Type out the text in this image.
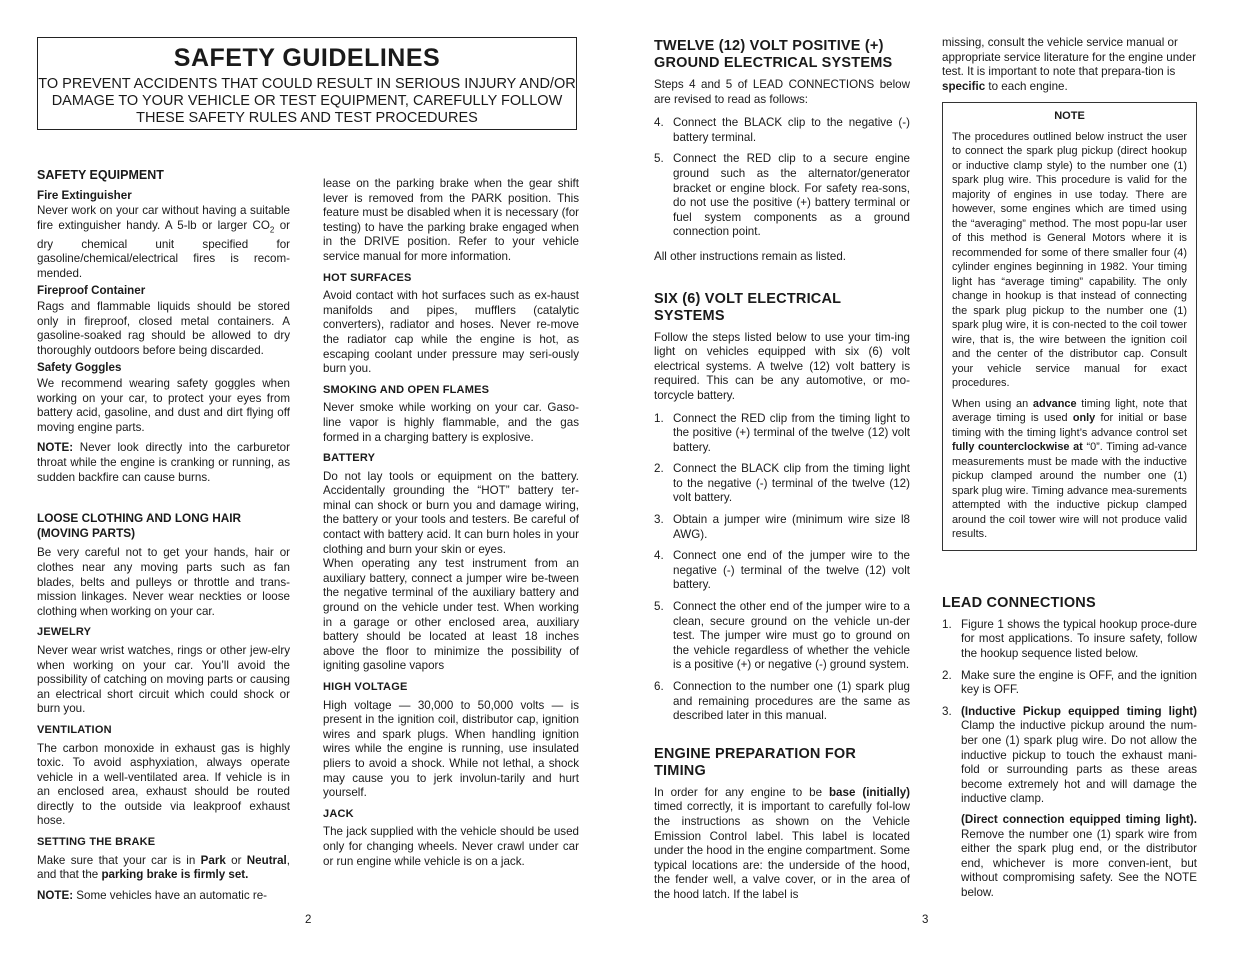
SAFETY GUIDELINES
TO PREVENT ACCIDENTS THAT COULD RESULT IN SERIOUS INJURY AND/OR DAMAGE TO YOUR VEHICLE OR TEST EQUIPMENT, CAREFULLY FOLLOW THESE SAFETY RULES AND TEST PROCEDURES
SAFETY EQUIPMENT
Fire Extinguisher

Never work on your car without having a suitable fire extinguisher handy. A 5-lb or larger $CO_2$ or dry chemical unit specified for gasoline/chemical/electrical fires is recom-mended.

Fireproof Container

Rags and flammable liquids should be stored only in fireproof, closed metal containers. A gasoline-soaked rag should be allowed to dry thoroughly outdoors before being discarded.

Safety Goggles

We recommend wearing safety goggles when working on your car, to protect your eyes from battery acid, gasoline, and dust and dirt flying off moving engine parts.

NOTE: Never look directly into the carburetor throat while the engine is cranking or running, as sudden backfire can cause burns.

LOOSE CLOTHING AND LONG HAIR (MOVING PARTS)

Be very careful not to get your hands, hair or clothes near any moving parts such as fan blades, belts and pulleys or throttle and trans-mission linkages. Never wear neckties or loose clothing when working on your car.

JEWELRY

Never wear wrist watches, rings or other jew-elry when working on your car. You’ll avoid the possibility of catching on moving parts or causing an electrical short circuit which could shock or burn you.

VENTILATION

The carbon monoxide in exhaust gas is highly toxic. To avoid asphyxiation, always operate vehicle in a well-ventilated area. If vehicle is in an enclosed area, exhaust should be routed directly to the outside via leakproof exhaust hose.

SETTING THE BRAKE

Make sure that your car is in Park or Neutral, and that the parking brake is firmly set.

NOTE: Some vehicles have an automatic re-

lease on the parking brake when the gear shift lever is removed from the PARK position. This feature must be disabled when it is necessary (for testing) to have the parking brake engaged when in the DRIVE position. Refer to your vehicle service manual for more information.

HOT SURFACES

Avoid contact with hot surfaces such as ex-haust manifolds and pipes, mufflers (catalytic converters), radiator and hoses. Never re-move the radiator cap while the engine is hot, as escaping coolant under pressure may seri-ously burn you.

SMOKING AND OPEN FLAMES

Never smoke while working on your car. Gaso-line vapor is highly flammable, and the gas formed in a charging battery is explosive.

BATTERY

Do not lay tools or equipment on the battery. Accidentally grounding the “HOT” battery ter-minal can shock or burn you and damage wiring, the battery or your tools and testers. Be careful of contact with battery acid. It can burn holes in your clothing and burn your skin or eyes.

When operating any test instrument from an auxiliary battery, connect a jumper wire be-tween the negative terminal of the auxiliary battery and ground on the vehicle under test. When working in a garage or other enclosed area, auxiliary battery should be located at least 18 inches above the floor to minimize the possibility of igniting gasoline vapors

HIGH VOLTAGE

High voltage — 30,000 to 50,000 volts — is present in the ignition coil, distributor cap, ignition wires and spark plugs. When handling ignition wires while the engine is running, use insulated pliers to avoid a shock. While not lethal, a shock may cause you to jerk involun-tarily and hurt yourself.

JACK

The jack supplied with the vehicle should be used only for changing wheels. Never crawl under car or run engine while vehicle is on a jack.

2
TWELVE (12) VOLT POSITIVE (+) GROUND ELECTRICAL SYSTEMS

Steps 4 and 5 of LEAD CONNECTIONS below are revised to read as follows:

4. Connect the BLACK clip to the negative (-) battery terminal.
5. Connect the RED clip to a secure engine ground such as the alternator/generator bracket or engine block. For safety rea-sons, do not use the positive (+) battery terminal or fuel system components as a ground connection point.

All other instructions remain as listed.

SIX (6) VOLT ELECTRICAL SYSTEMS

Follow the steps listed below to use your tim-ing light on vehicles equipped with six (6) volt electrical systems. A twelve (12) volt battery is required. This can be any automotive, or mo-torcycle battery.

1. Connect the RED clip from the timing light to the positive (+) terminal of the twelve (12) volt battery.
2. Connect the BLACK clip from the timing light to the negative (-) terminal of the twelve (12) volt battery.
3. Obtain a jumper wire (minimum wire size l8 AWG).
4. Connect one end of the jumper wire to the negative (-) terminal of the twelve (12) volt battery.
5. Connect the other end of the jumper wire to a clean, secure ground on the vehicle un-der test. The jumper wire must go to ground on the vehicle regardless of whether the vehicle is a positive (+) or negative (-) ground system.
6. Connection to the number one (1) spark plug and remaining procedures are the same as described later in this manual.
ENGINE PREPARATION FOR TIMING

In order for any engine to be base (initially) timed correctly, it is important to carefully fol-low the instructions as shown on the Vehicle Emission Control label. This label is located under the hood in the engine compartment. Some typical locations are: the underside of the hood, the fender well, a valve cover, or in the area of the hood latch. If the label is

missing, consult the vehicle service manual or appropriate service literature for the engine under test. It is important to note that prepara-tion is specific to each engine.

NOTE

The procedures outlined below instruct the user to connect the spark plug pickup (direct hookup or inductive clamp style) to the number one (1) spark plug wire. This procedure is valid for the majority of engines in use today. There are however, some engines which are timed using the “averaging” method. The most popu-lar user of this method is General Motors where it is recommended for some of there smaller four (4) cylinder engines beginning in 1982. Your timing light has “average timing” capability. The only change in hookup is that instead of connecting the spark plug pickup to the number one (1) spark plug wire, it is con-nected to the coil tower wire, that is, the wire between the ignition coil and the center of the distributor cap. Consult your vehicle service manual for exact procedures.

When using an advance timing light, note that average timing is used only for initial or base timing with the timing light’s advance control set fully counterclockwise at “0”. Timing ad-vance measurements must be made with the inductive pickup clamped around the number one (1) spark plug wire. Timing advance mea-surements attempted with the inductive pickup clamped around the coil tower wire will not produce valid results.

LEAD CONNECTIONS
1. Figure 1 shows the typical hookup proce-dure for most applications. To insure safety, follow the hookup sequence listed below.
2. Make sure the engine is OFF, and the ignition key is OFF.
3. (Inductive Pickup equipped timing light) Clamp the inductive pickup around the num-ber one (1) spark plug wire. Do not allow the inductive pickup to touch the exhaust mani-fold or surrounding parts as these areas become extremely hot and will damage the inductive clamp.

(Direct connection equipped timing light). Remove the number one (1) spark wire from either the spark plug end, or the distributor end, whichever is more conven-ient, but without compromising safety. See the NOTE below.

3
